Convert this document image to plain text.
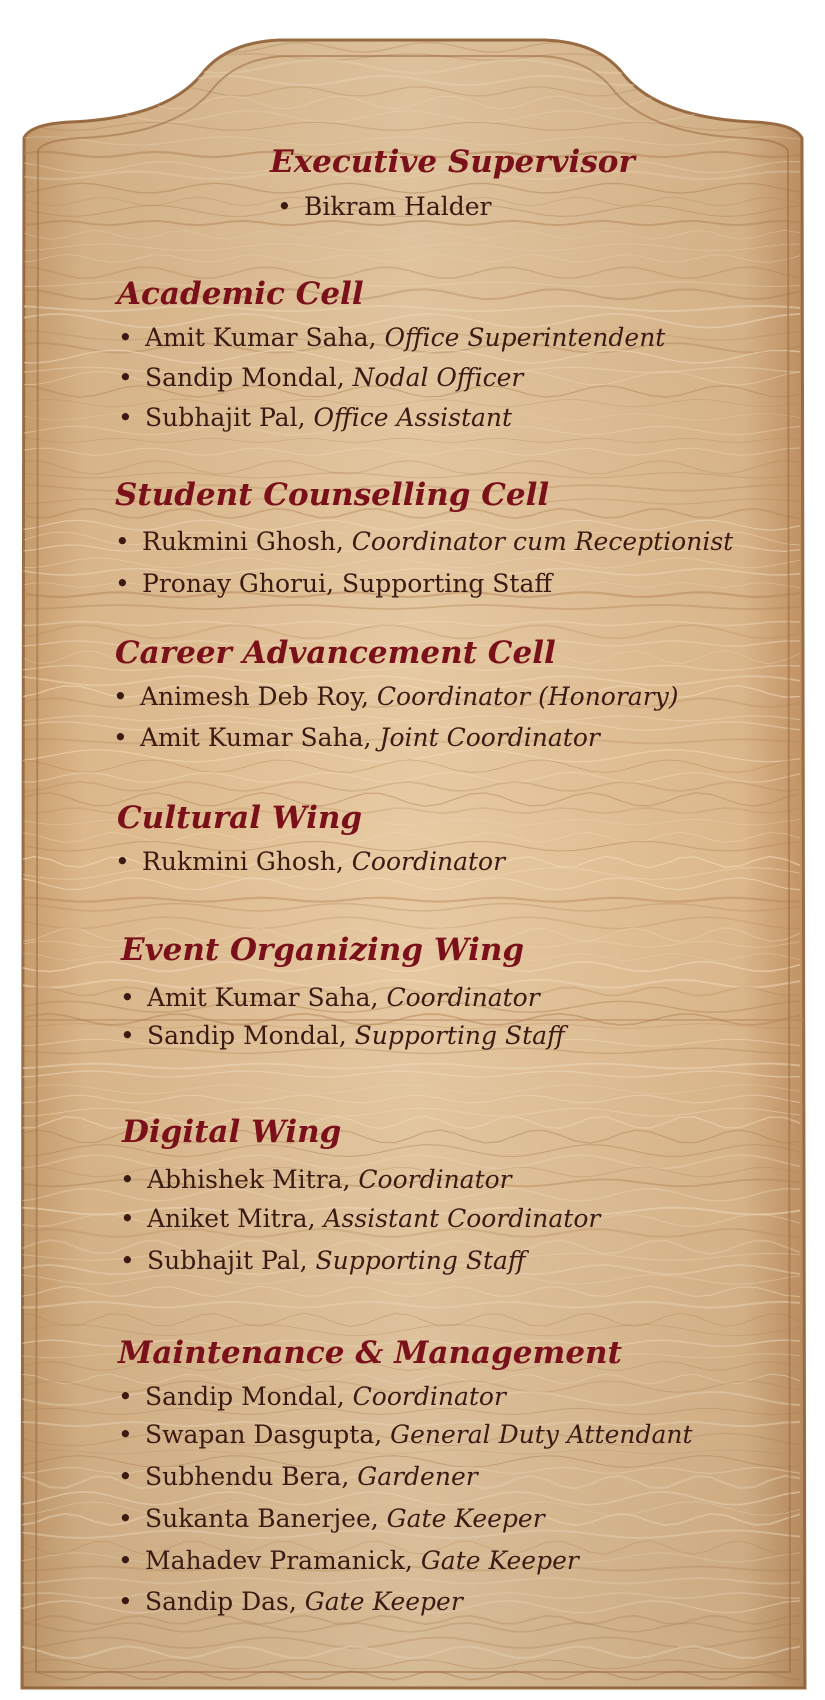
Executive Supervisor

• Bikram Halder

Academic Cell

• Amit Kumar Saha, Office Superintendent

• Sandip Mondal, Nodal Officer

• Subhajit Pal, Office Assistant

Student Counselling Cell

• Rukmini Ghosh, Coordinator cum Receptionist

• Pronay Ghorui, Supporting Staff

Career Advancement Cell

• Animesh Deb Roy, Coordinator (Honorary)

• Amit Kumar Saha, Joint Coordinator

Cultural Wing

• Rukmini Ghosh, Coordinator

Event Organizing Wing

• Amit Kumar Saha, Coordinator

• Sandip Mondal, Supporting Staff

Digital Wing

• Abhishek Mitra, Coordinator

• Aniket Mitra, Assistant Coordinator

• Subhajit Pal, Supporting Staff

Maintenance & Management

• Sandip Mondal, Coordinator

• Swapan Dasgupta, General Duty Attendant

• Subhendu Bera, Gardener

• Sukanta Banerjee, Gate Keeper

• Mahadev Pramanick, Gate Keeper

• Sandip Das, Gate Keeper
